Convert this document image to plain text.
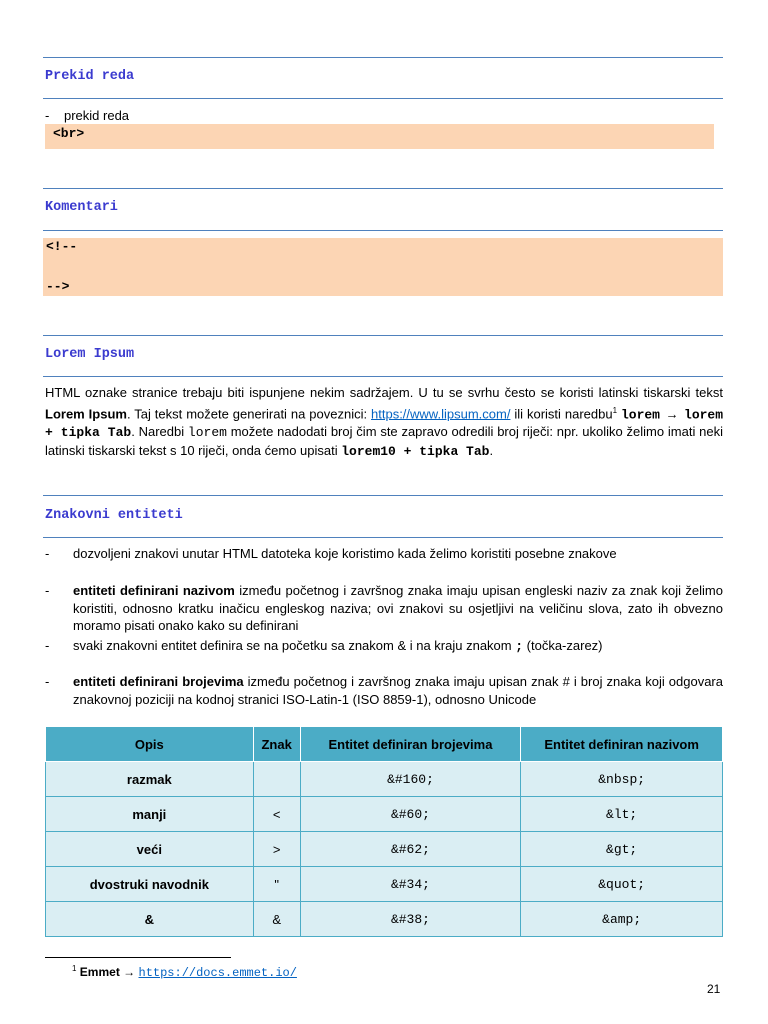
Prekid reda
- prekid reda
<br>
Komentari
<!--
-->
Lorem Ipsum
HTML oznake stranice trebaju biti ispunjene nekim sadržajem. U tu se svrhu često se koristi latinski tiskarski tekst Lorem Ipsum. Taj tekst možete generirati na poveznici: https://www.lipsum.com/ ili koristi naredbu$^1$ lorem → lorem + tipka Tab. Naredbi lorem možete nadodati broj čim ste zapravo odredili broj riječi: npr. ukoliko želimo imati neki latinski tiskarski tekst s 10 riječi, onda ćemo upisati lorem10 + tipka Tab.
Znakovni entiteti
- dozvoljeni znakovi unutar HTML datoteka koje koristimo kada želimo koristiti posebne znakove
- entiteti definirani nazivom između početnog i završnog znaka imaju upisan engleski naziv za znak koji želimo koristiti, odnosno kratku inačicu engleskog naziva; ovi znakovi su osjetljivi na veličinu slova, zato ih obvezno moramo pisati onako kako su definirani
- svaki znakovni entitet definira se na početku sa znakom & i na kraju znakom ; (točka-zarez)
- entiteti definirani brojevima između početnog i završnog znaka imaju upisan znak # i broj znaka koji odgovara znakovnoj poziciji na kodnoj stranici ISO-Latin-1 (ISO 8859-1), odnosno Unicode
Opis	Znak	Entitet definiran brojevima	Entitet definiran nazivom
razmak		&#160;	&nbsp;
manji	<	&#60;	&lt;
veći	>	&#62;	&gt;
dvostruki navodnik	"	&#34;	&quot;
&	&	&#38;	&amp;
$^1$ Emmet → https://docs.emmet.io/
21
